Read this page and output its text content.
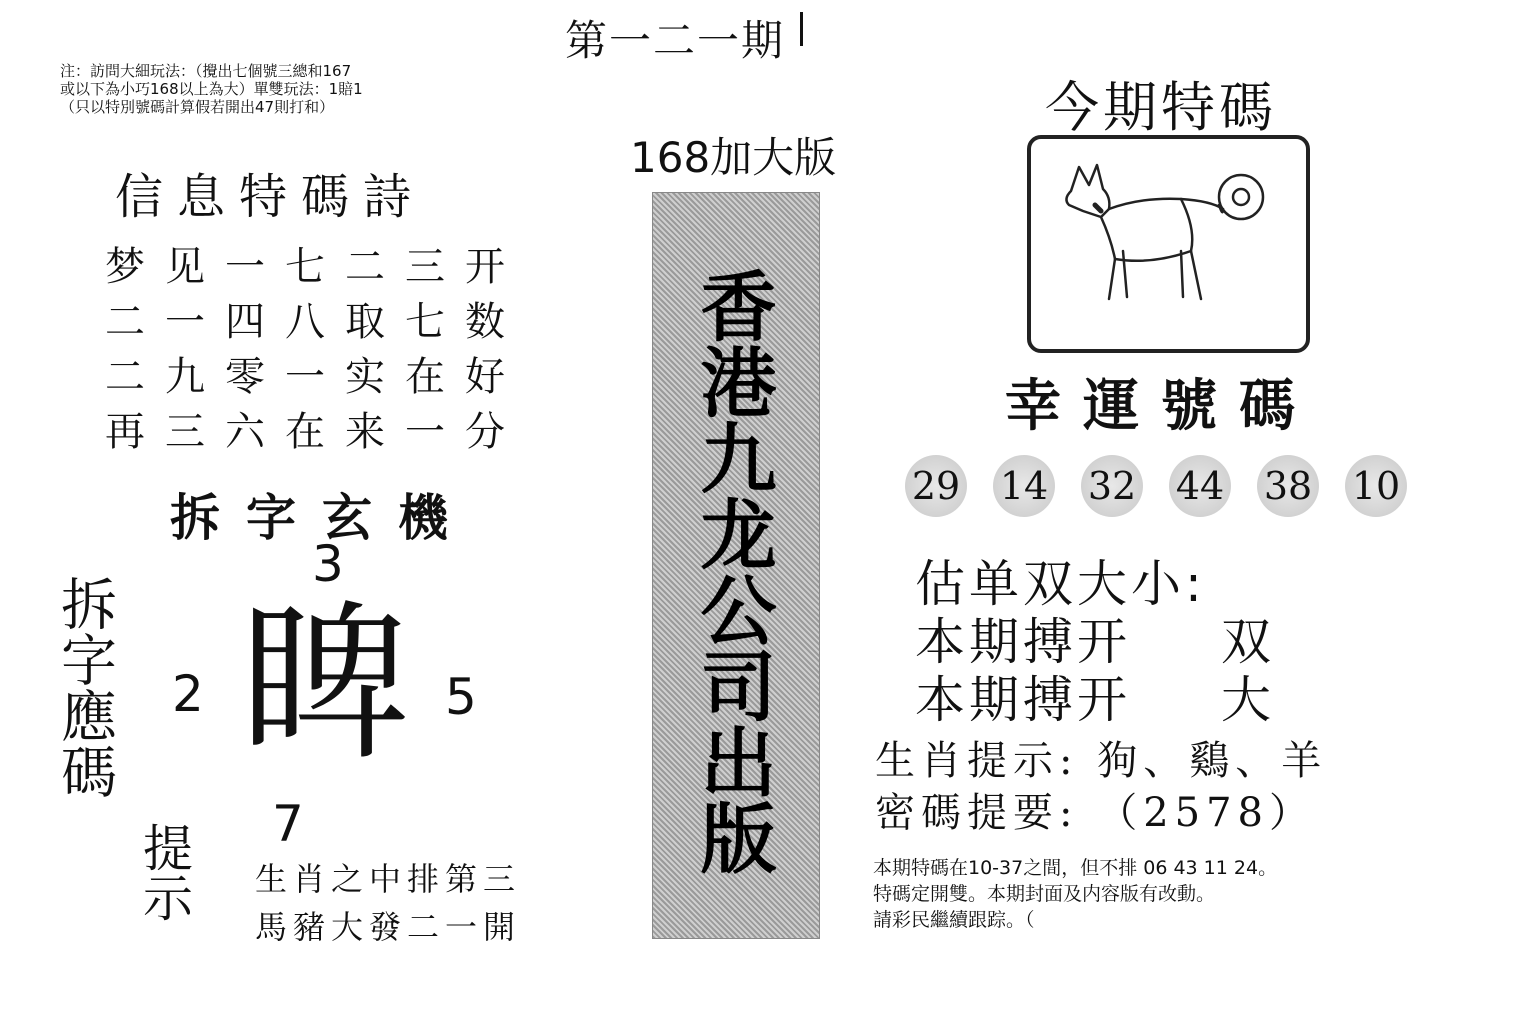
第一二一期
注：訪問大細玩法：（攪出七個號三總和167
或以下為小巧168以上為大）單雙玩法：1賠1
（只以特別號碼計算假若開出47則打和）
168加大版
信息特碼詩
梦见一七二三开
二一四八取七数
二九零一实在好
再三六在来一分
拆字玄機
拆字應碼 睥
3
2	5
7
提示 生肖之中排第三
馬豬大發二一開
香港九龙公司出版
今期特碼
幸運號碼
29 14 32 44 38 10
估单双大小:
本期搏开 双
本期搏开 大
生肖提示: 狗、鷄、羊
密碼提要: （2578）
本期特碼在10-37之間，但不排 06 43 11 24。
特碼定開雙。本期封面及内容版有改動。
請彩民繼續跟踪。（
